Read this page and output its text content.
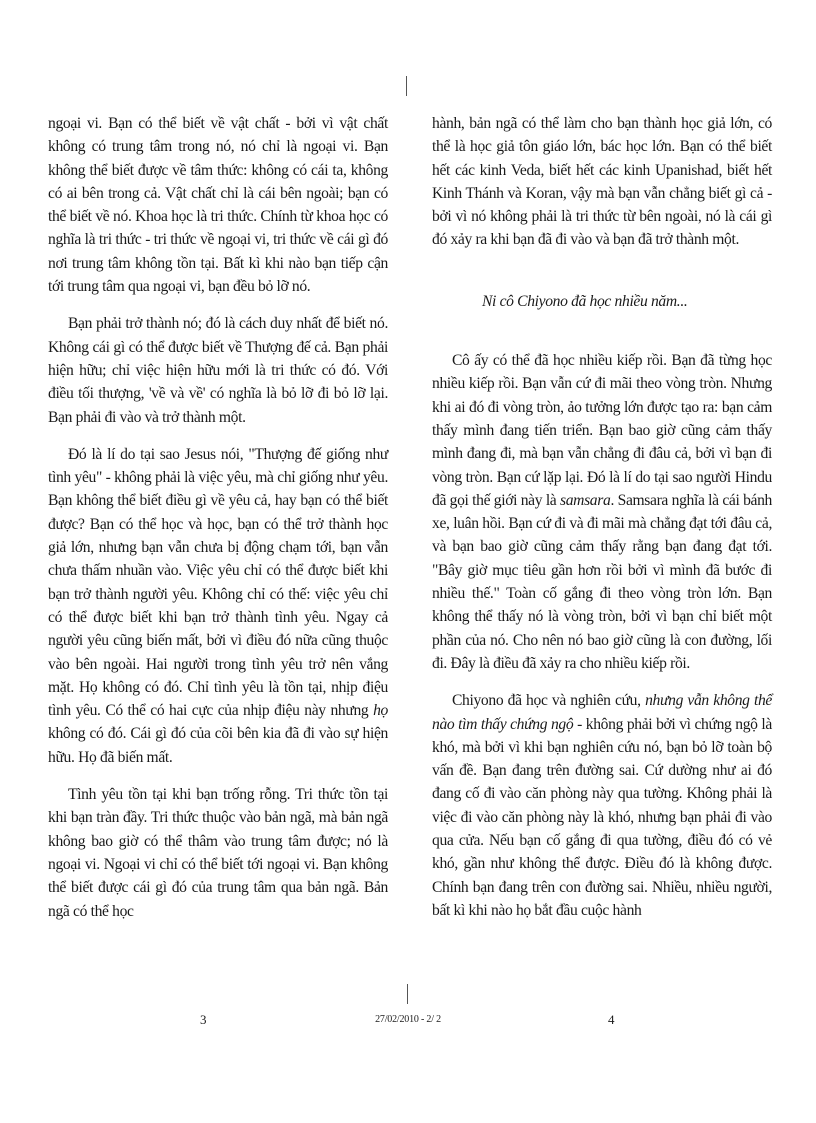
ngoại vi. Bạn có thể biết về vật chất - bởi vì vật chất không có trung tâm trong nó, nó chỉ là ngoại vi. Bạn không thể biết được về tâm thức: không có cái ta, không có ai bên trong cả. Vật chất chỉ là cái bên ngoài; bạn có thể biết về nó. Khoa học là tri thức. Chính từ khoa học có nghĩa là tri thức - tri thức về ngoại vi, tri thức về cái gì đó nơi trung tâm không tồn tại. Bất kì khi nào bạn tiếp cận tới trung tâm qua ngoại vi, bạn đều bỏ lỡ nó.

Bạn phải trở thành nó; đó là cách duy nhất để biết nó. Không cái gì có thể được biết về Thượng đế cả. Bạn phải hiện hữu; chỉ việc hiện hữu mới là tri thức có đó. Với điều tối thượng, 'về và về' có nghĩa là bỏ lỡ đi bỏ lỡ lại. Bạn phải đi vào và trở thành một.

Đó là lí do tại sao Jesus nói, "Thượng đế giống như tình yêu" - không phải là việc yêu, mà chỉ giống như yêu. Bạn không thể biết điều gì về yêu cả, hay bạn có thể biết được? Bạn có thể học và học, bạn có thể trở thành học giả lớn, nhưng bạn vẫn chưa bị động chạm tới, bạn vẫn chưa thấm nhuần vào. Việc yêu chỉ có thể được biết khi bạn trở thành người yêu. Không chỉ có thế: việc yêu chỉ có thể được biết khi bạn trở thành tình yêu. Ngay cả người yêu cũng biến mất, bởi vì điều đó nữa cũng thuộc vào bên ngoài. Hai người trong tình yêu trở nên vắng mặt. Họ không có đó. Chỉ tình yêu là tồn tại, nhịp điệu tình yêu. Có thể có hai cực của nhịp điệu này nhưng họ không có đó. Cái gì đó của cõi bên kia đã đi vào sự hiện hữu. Họ đã biến mất.

Tình yêu tồn tại khi bạn trống rỗng. Tri thức tồn tại khi bạn tràn đầy. Tri thức thuộc vào bản ngã, mà bản ngã không bao giờ có thể thâm vào trung tâm được; nó là ngoại vi. Ngoại vi chỉ có thể biết tới ngoại vi. Bạn không thể biết được cái gì đó của trung tâm qua bản ngã. Bản ngã có thể học

hành, bản ngã có thể làm cho bạn thành học giả lớn, có thể là học giả tôn giáo lớn, bác học lớn. Bạn có thể biết hết các kinh Veda, biết hết các kinh Upanishad, biết hết Kinh Thánh và Koran, vậy mà bạn vẫn chẳng biết gì cả - bởi vì nó không phải là tri thức từ bên ngoài, nó là cái gì đó xảy ra khi bạn đã đi vào và bạn đã trở thành một.

Ni cô Chiyono đã học nhiều năm...

Cô ấy có thể đã học nhiều kiếp rồi. Bạn đã từng học nhiều kiếp rồi. Bạn vẫn cứ đi mãi theo vòng tròn. Nhưng khi ai đó đi vòng tròn, ảo tưởng lớn được tạo ra: bạn cảm thấy mình đang tiến triển. Bạn bao giờ cũng cảm thấy mình đang đi, mà bạn vẫn chẳng đi đâu cả, bởi vì bạn đi vòng tròn. Bạn cứ lặp lại. Đó là lí do tại sao người Hindu đã gọi thế giới này là samsara. Samsara nghĩa là cái bánh xe, luân hồi. Bạn cứ đi và đi mãi mà chẳng đạt tới đâu cả, và bạn bao giờ cũng cảm thấy rằng bạn đang đạt tới. "Bây giờ mục tiêu gần hơn rồi bởi vì mình đã bước đi nhiều thế." Toàn cố gắng đi theo vòng tròn lớn. Bạn không thể thấy nó là vòng tròn, bởi vì bạn chỉ biết một phần của nó. Cho nên nó bao giờ cũng là con đường, lối đi. Đây là điều đã xảy ra cho nhiều kiếp rồi.

Chiyono đã học và nghiên cứu, nhưng vẫn không thể nào tìm thấy chứng ngộ - không phải bởi vì chứng ngộ là khó, mà bởi vì khi bạn nghiên cứu nó, bạn bỏ lỡ toàn bộ vấn đề. Bạn đang trên đường sai. Cứ dường như ai đó đang cố đi vào căn phòng này qua tường. Không phải là việc đi vào căn phòng này là khó, nhưng bạn phải đi vào qua cửa. Nếu bạn cố gắng đi qua tường, điều đó có vẻ khó, gần như không thể được. Điều đó là không được. Chính bạn đang trên con đường sai. Nhiều, nhiều người, bất kì khi nào họ bắt đầu cuộc hành

3	27/02/2010 - 2/ 2	4
